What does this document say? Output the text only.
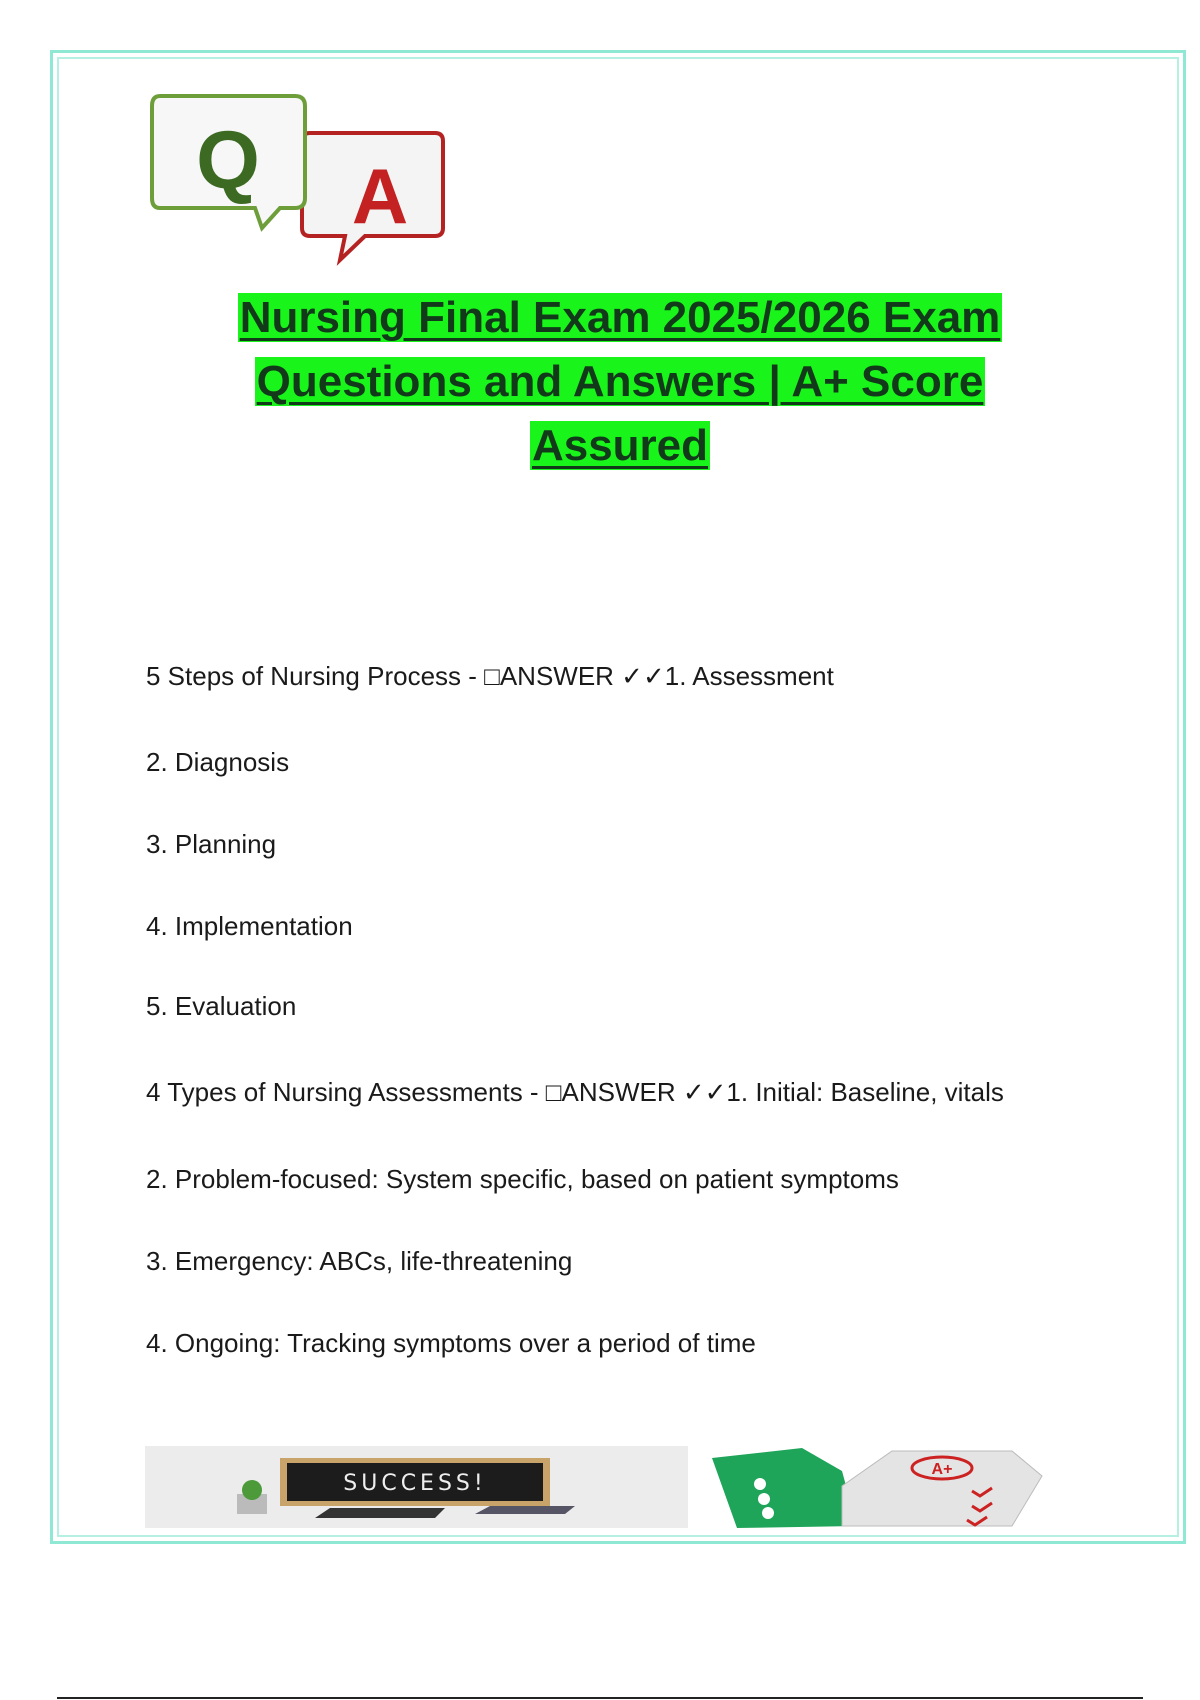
Q A
Nursing Final Exam 2025/2026 Exam
Questions and Answers | A+ Score
Assured
5 Steps of Nursing Process - □ANSWER ✓✓1. Assessment
2. Diagnosis
3. Planning
4. Implementation
5. Evaluation
4 Types of Nursing Assessments - □ANSWER ✓✓1. Initial: Baseline, vitals
2. Problem-focused: System specific, based on patient symptoms
3. Emergency: ABCs, life-threatening
4. Ongoing: Tracking symptoms over a period of time
SUCCESS!
A+
